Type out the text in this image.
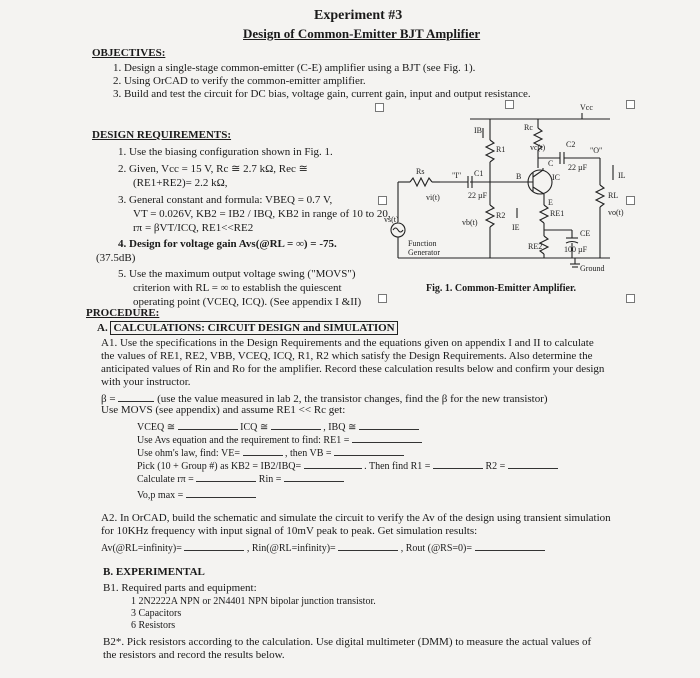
Experiment #3
Design of Common-Emitter BJT Amplifier
OBJECTIVES:
1. Design a single-stage common-emitter (C-E) amplifier using a BJT (see Fig. 1).
2. Using OrCAD to verify the common-emitter amplifier.
3. Build and test the circuit for DC bias, voltage gain, current gain, input and output resistance.
DESIGN REQUIREMENTS:
1. Use the biasing configuration shown in Fig. 1.
2. Given, Vcc = 15 V, Rc ≅ 2.7 kΩ, Rec ≅
(RE1+RE2)= 2.2 kΩ,
3. General constant and formula: VBEQ = 0.7 V,
VT = 0.026V, KB2 = IB2 / IBQ, KB2 in range of 10 to 20,
rπ = βVT/ICQ, RE1<<RE2
4. Design for voltage gain Avs(@RL = ∞) = -75.
(37.5dB)
5. Use the maximum output voltage swing ("MOVS")
criterion with RL = ∞ to establish the quiescent
operating point (VCEQ, ICQ). (See appendix I &II)
Vcc
IB
R1
R2
Rc
Rs
RL
RE1
RE2
C1
22 µF
C2
22 µF
CE
100 µF
vs(t)	vb(t)
vc(t)
vo(t)
vi(t)
IC
IE
IL
B
C
E
"O"
"I"
Function
Generator
Ground
Fig. 1. Common-Emitter Amplifier.
PROCEDURE:
A. CALCULATIONS: CIRCUIT DESIGN and SIMULATION
A1. Use the specifications in the Design Requirements and the equations given on appendix I and II to calculate
the values of RE1, RE2, VBB, VCEQ, ICQ, R1, R2 which satisfy the Design Requirements. Also determine the
anticipated values of Rin and Ro for the amplifier. Record these calculation results below and confirm your design
with your instructor.
β =	(use the value measured in lab 2, the transistor changes, find the β for the new transistor)
Use MOVS (see appendix) and assume RE1 << Rc get:
VCEQ ≅	ICQ ≅	, IBQ ≅
Use Avs equation and the requirement to find: RE1 =
Use ohm's law, find: VE=	, then VB =
Pick (10 + Group #) as KB2 = IB2/IBQ=	. Then find R1 =	R2 =
Calculate rπ =	Rin =
Vo,p max =
A2. In OrCAD, build the schematic and simulate the circuit to verify the Av of the design using transient simulation
for 10KHz frequency with input signal of 10mV peak to peak. Get simulation results:
Av(@RL=infinity)=	, Rin(@RL=infinity)=	, Rout (@RS=0)=
B. EXPERIMENTAL
B1. Required parts and equipment:
1 2N2222A NPN or 2N4401 NPN bipolar junction transistor.
3 Capacitors
6 Resistors
B2*. Pick resistors according to the calculation. Use digital multimeter (DMM) to measure the actual values of
the resistors and record the results below.
